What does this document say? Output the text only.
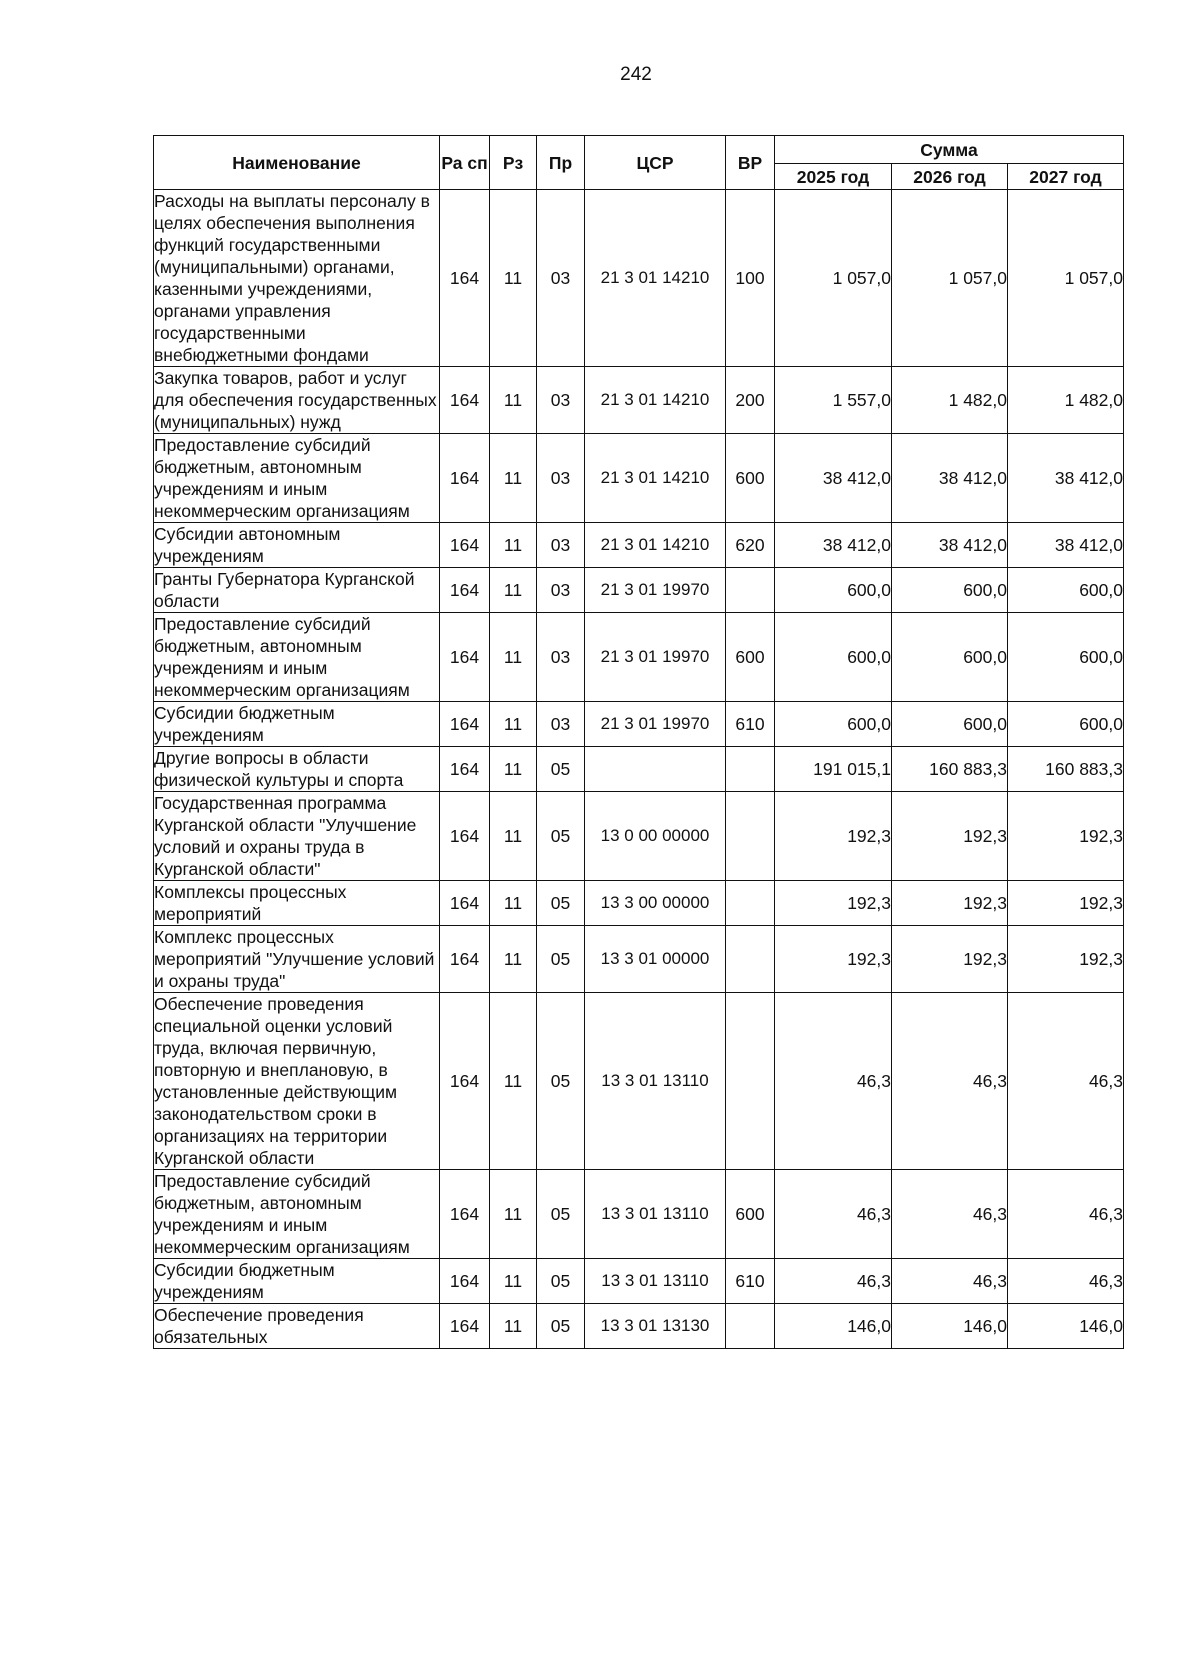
242
Наименование	Ра сп	Рз	Пр	ЦСР	ВР	Сумма		
						2025 год	2026 год	2027 год
Расходы на выплаты персоналу в целях обеспечения выполнения функций государственными (муниципальными) органами, казенными учреждениями, органами управления государственными внебюджетными фондами	164	11	03	21 3 01 14210	100	1 057,0	1 057,0	1 057,0
Закупка товаров, работ и услуг для обеспечения государственных (муниципальных) нужд	164	11	03	21 3 01 14210	200	1 557,0	1 482,0	1 482,0
Предоставление субсидий бюджетным, автономным учреждениям и иным некоммерческим организациям	164	11	03	21 3 01 14210	600	38 412,0	38 412,0	38 412,0
Субсидии автономным учреждениям	164	11	03	21 3 01 14210	620	38 412,0	38 412,0	38 412,0
Гранты Губернатора Курганской области	164	11	03	21 3 01 19970		600,0	600,0	600,0
Предоставление субсидий бюджетным, автономным учреждениям и иным некоммерческим организациям	164	11	03	21 3 01 19970	600	600,0	600,0	600,0
Субсидии бюджетным учреждениям	164	11	03	21 3 01 19970	610	600,0	600,0	600,0
Другие вопросы в области физической культуры и спорта	164	11	05			191 015,1	160 883,3	160 883,3
Государственная программа Курганской области "Улучшение условий и охраны труда в Курганской области"	164	11	05	13 0 00 00000		192,3	192,3	192,3
Комплексы процессных мероприятий	164	11	05	13 3 00 00000		192,3	192,3	192,3
Комплекс процессных мероприятий "Улучшение условий и охраны труда"	164	11	05	13 3 01 00000		192,3	192,3	192,3
Обеспечение проведения специальной оценки условий труда, включая первичную, повторную и внеплановую, в установленные действующим законодательством сроки в организациях на территории Курганской области	164	11	05	13 3 01 13110		46,3	46,3	46,3
Предоставление субсидий бюджетным, автономным учреждениям и иным некоммерческим организациям	164	11	05	13 3 01 13110	600	46,3	46,3	46,3
Субсидии бюджетным учреждениям	164	11	05	13 3 01 13110	610	46,3	46,3	46,3
Обеспечение проведения обязательных	164	11	05	13 3 01 13130		146,0	146,0	146,0
